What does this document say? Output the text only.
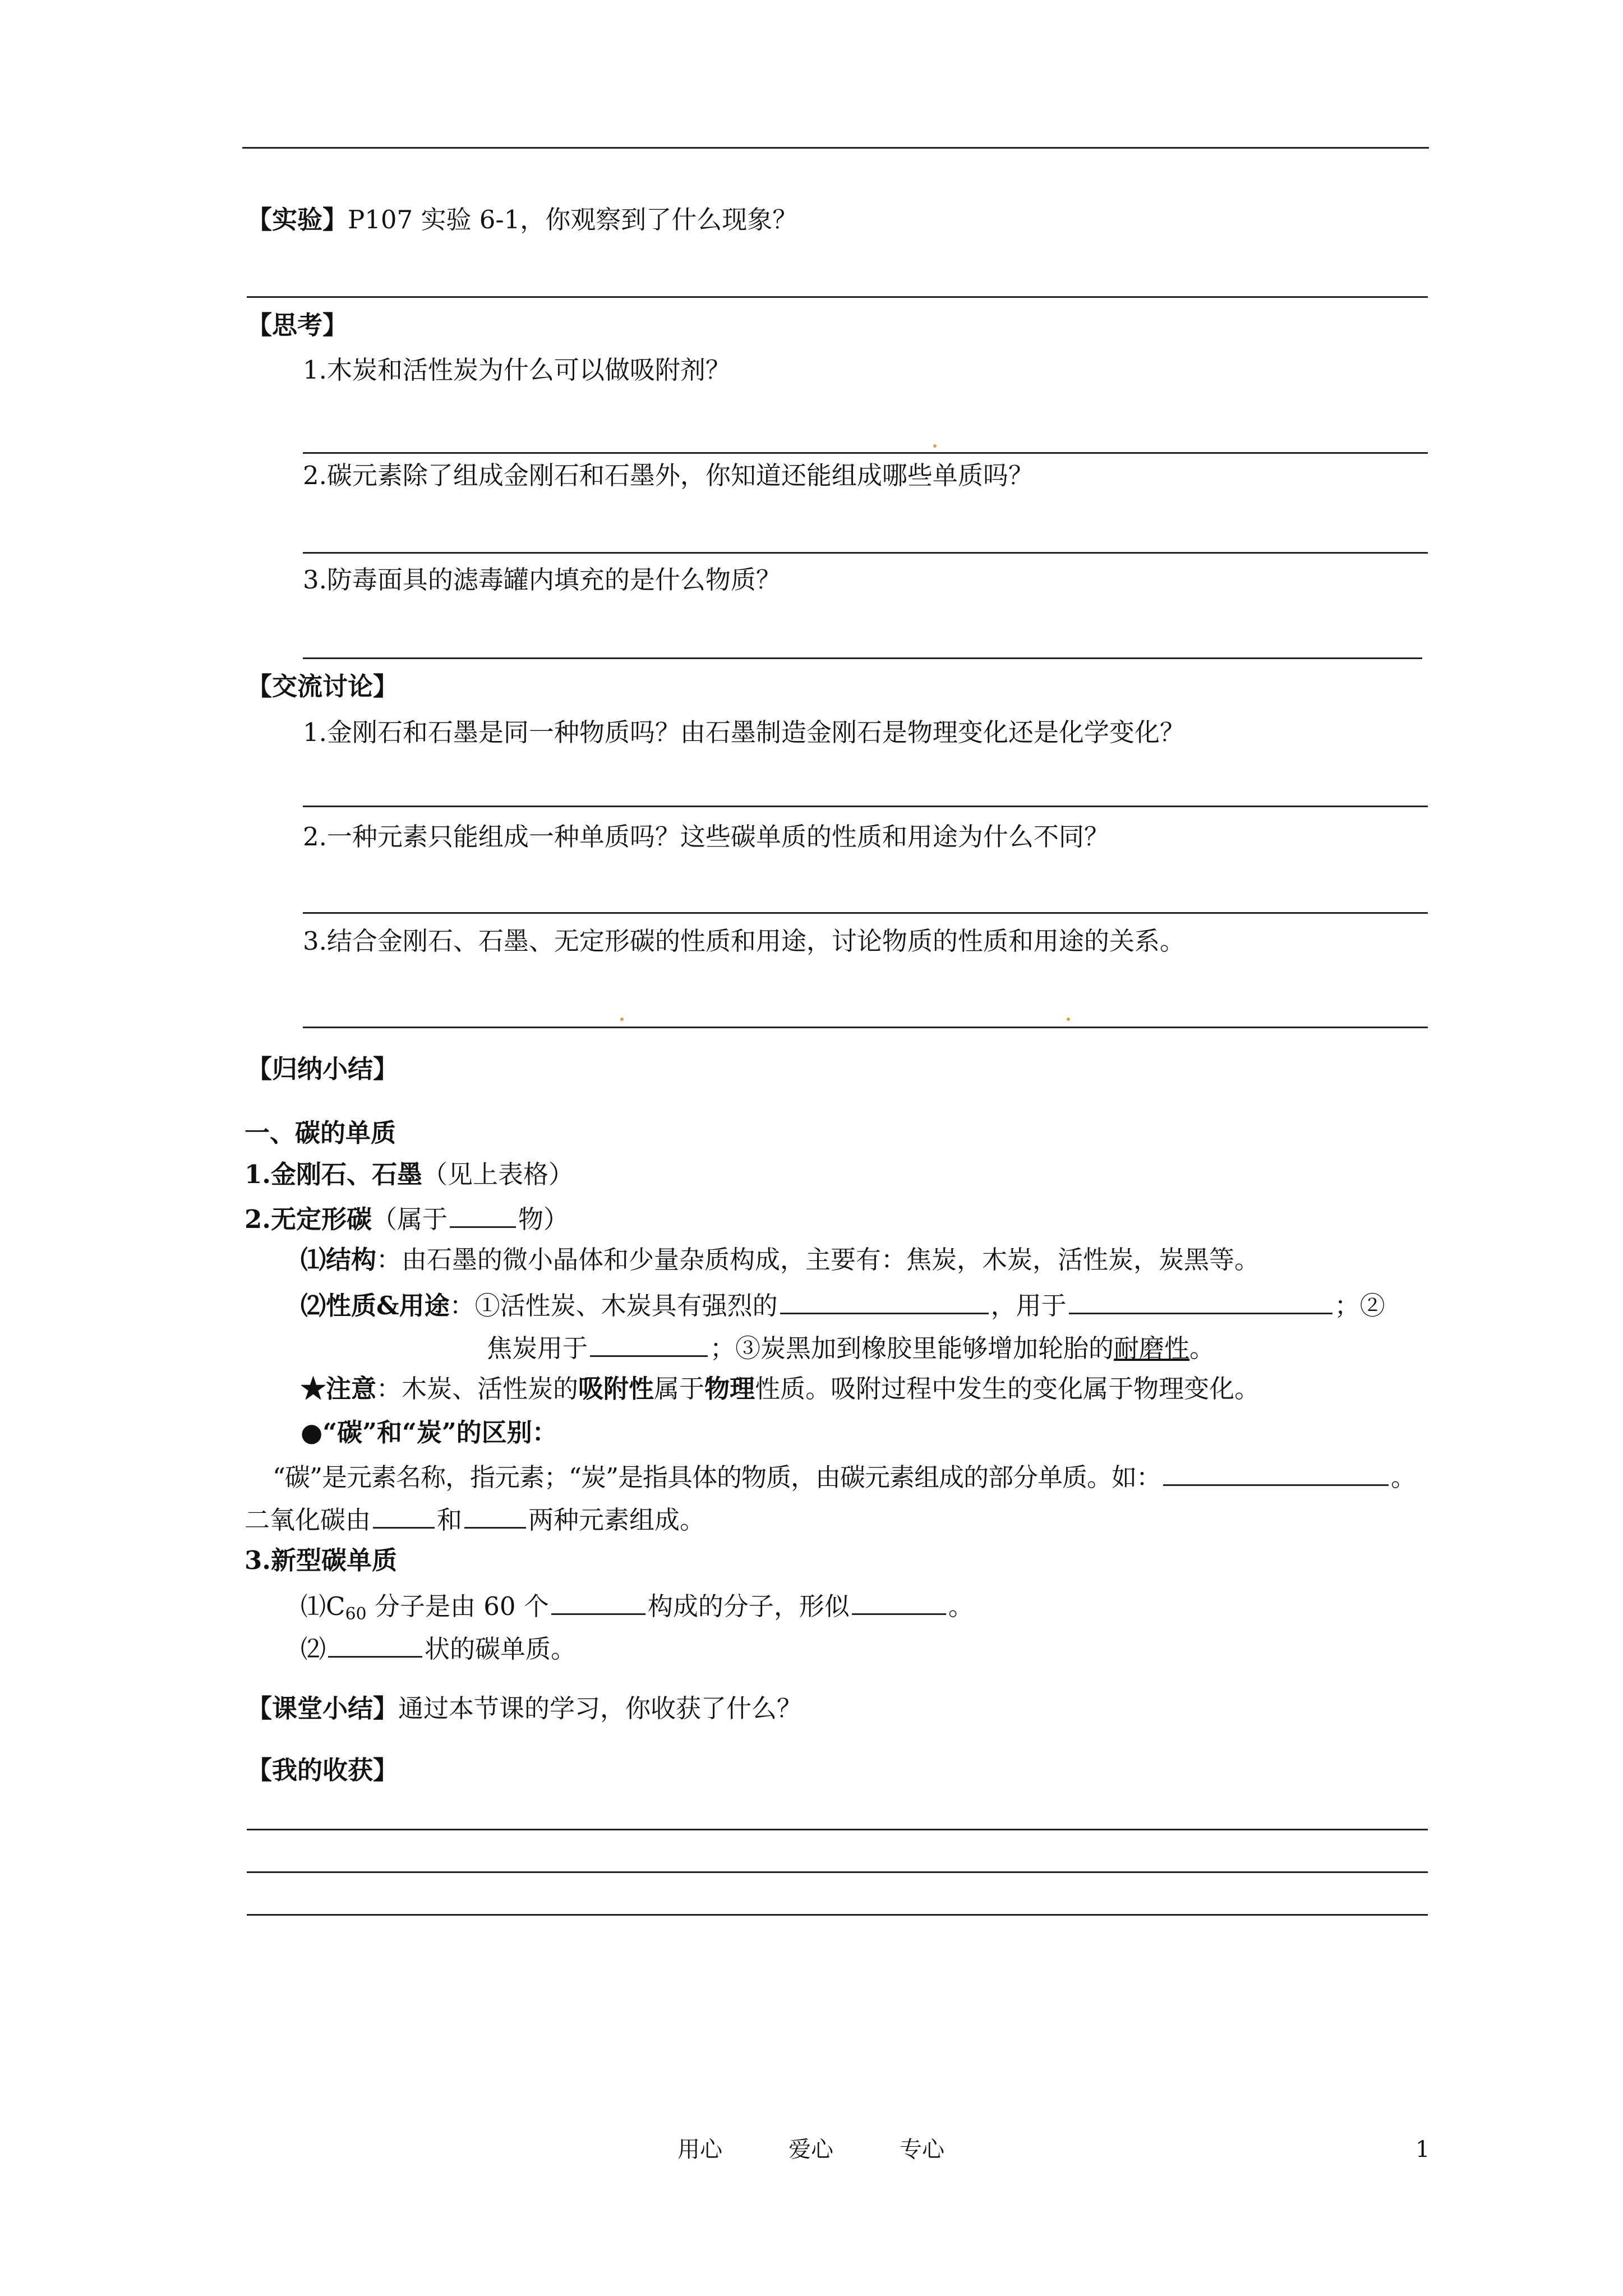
【实验】P107 实验 6-1，你观察到了什么现象？
【思考】
1.木炭和活性炭为什么可以做吸附剂？
2.碳元素除了组成金刚石和石墨外，你知道还能组成哪些单质吗？
3.防毒面具的滤毒罐内填充的是什么物质？
【交流讨论】
1.金刚石和石墨是同一种物质吗？由石墨制造金刚石是物理变化还是化学变化？
2.一种元素只能组成一种单质吗？这些碳单质的性质和用途为什么不同？
3.结合金刚石、石墨、无定形碳的性质和用途，讨论物质的性质和用途的关系。
【归纳小结】
一、碳的单质
1.金刚石、石墨（见上表格）
2.无定形碳（属于	物）
⑴结构：由石墨的微小晶体和少量杂质构成，主要有：焦炭，木炭，活性炭，炭黑等。
⑵性质&用途：①活性炭、木炭具有强烈的	，用于	；②
焦炭用于	；③炭黑加到橡胶里能够增加轮胎的耐磨性。
★注意：木炭、活性炭的吸附性属于物理性质。吸附过程中发生的变化属于物理变化。
●“碳”和“炭”的区别：
“碳”是元素名称，指元素；“炭”是指具体的物质，由碳元素组成的部分单质。如：	。
二氧化碳由	和	两种元素组成。
3.新型碳单质
$⑴C_{60}$ 分子是由 60 个	构成的分子，形似	。
⑵	状的碳单质。
【课堂小结】通过本节课的学习，你收获了什么？
【我的收获】
用心	爱心	专心	1
